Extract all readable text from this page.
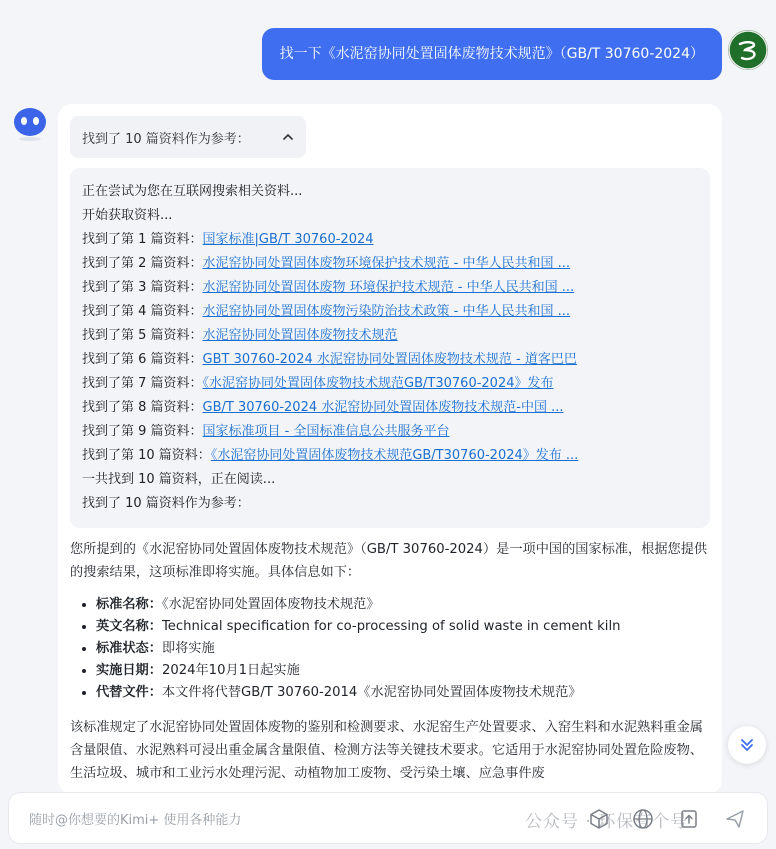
找一下《水泥窑协同处置固体废物技术规范》（GB/T 30760-2024）
找到了 10 篇资料作为参考：
正在尝试为您在互联网搜索相关资料...
开始获取资料...
找到了第 1 篇资料：国家标准|GB/T 30760-2024
找到了第 2 篇资料：水泥窑协同处置固体废物环境保护技术规范 - 中华人民共和国 ...
找到了第 3 篇资料：水泥窑协同处置固体废物 环境保护技术规范 - 中华人民共和国 ...
找到了第 4 篇资料：水泥窑协同处置固体废物污染防治技术政策 - 中华人民共和国 ...
找到了第 5 篇资料：水泥窑协同处置固体废物技术规范
找到了第 6 篇资料：GBT 30760-2024 水泥窑协同处置固体废物技术规范 - 道客巴巴
找到了第 7 篇资料：《水泥窑协同处置固体废物技术规范GB/T30760-2024》发布
找到了第 8 篇资料：GB/T 30760-2024 水泥窑协同处置固体废物技术规范-中国 ...
找到了第 9 篇资料：国家标准项目 - 全国标准信息公共服务平台
找到了第 10 篇资料：《水泥窑协同处置固体废物技术规范GB/T30760-2024》发布 ...
一共找到 10 篇资料，正在阅读...
找到了 10 篇资料作为参考：

您所提到的《水泥窑协同处置固体废物技术规范》（GB/T 30760-2024）是一项中国的国家标准，根据您提供的搜索结果，这项标准即将实施。具体信息如下：

• 标准名称：《水泥窑协同处置固体废物技术规范》
• 英文名称：Technical specification for co-processing of solid waste in cement kiln
• 标准状态：即将实施
• 实施日期：2024年10月1日起实施
• 代替文件：本文件将代替GB/T 30760-2014《水泥窑协同处置固体废物技术规范》

该标准规定了水泥窑协同处置固体废物的鉴别和检测要求、水泥窑生产处置要求、入窑生料和水泥熟料重金属含量限值、水泥熟料可浸出重金属含量限值、检测方法等关键技术要求。它适用于水泥窑协同处置危险废物、生活垃圾、城市和工业污水处理污泥、动植物加工废物、受污染土壤、应急事件废

随时@你想要的Kimi+ 使用各种能力
公众号 · 环保有个号
